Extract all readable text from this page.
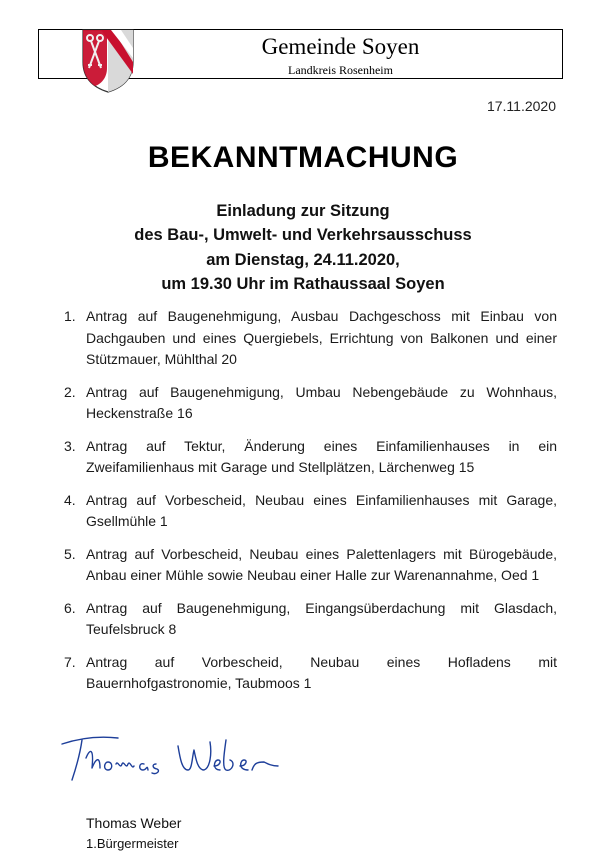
Gemeinde Soyen
Landkreis Rosenheim
17.11.2020
BEKANNTMACHUNG
Einladung zur Sitzung
des Bau-, Umwelt- und Verkehrsausschuss
am Dienstag, 24.11.2020,
um 19.30 Uhr im Rathaussaal Soyen
1. Antrag auf Baugenehmigung, Ausbau Dachgeschoss mit Einbau von Dachgauben und eines Quergiebels, Errichtung von Balkonen und einer Stützmauer, Mühlthal 20
2. Antrag auf Baugenehmigung, Umbau Nebengebäude zu Wohnhaus, Heckenstraße 16
3. Antrag auf Tektur, Änderung eines Einfamilienhauses in ein Zweifamilienhaus mit Garage und Stellplätzen, Lärchenweg 15
4. Antrag auf Vorbescheid, Neubau eines Einfamilienhauses mit Garage, Gsellmühle 1
5. Antrag auf Vorbescheid, Neubau eines Palettenlagers mit Bürogebäude, Anbau einer Mühle sowie Neubau einer Halle zur Warenannahme, Oed 1
6. Antrag auf Baugenehmigung, Eingangsüberdachung mit Glasdach, Teufelsbruck 8
7. Antrag auf Vorbescheid, Neubau eines Hofladens mit Bauernhofgastronomie, Taubmoos 1
Thomas Weber
1.Bürgermeister
